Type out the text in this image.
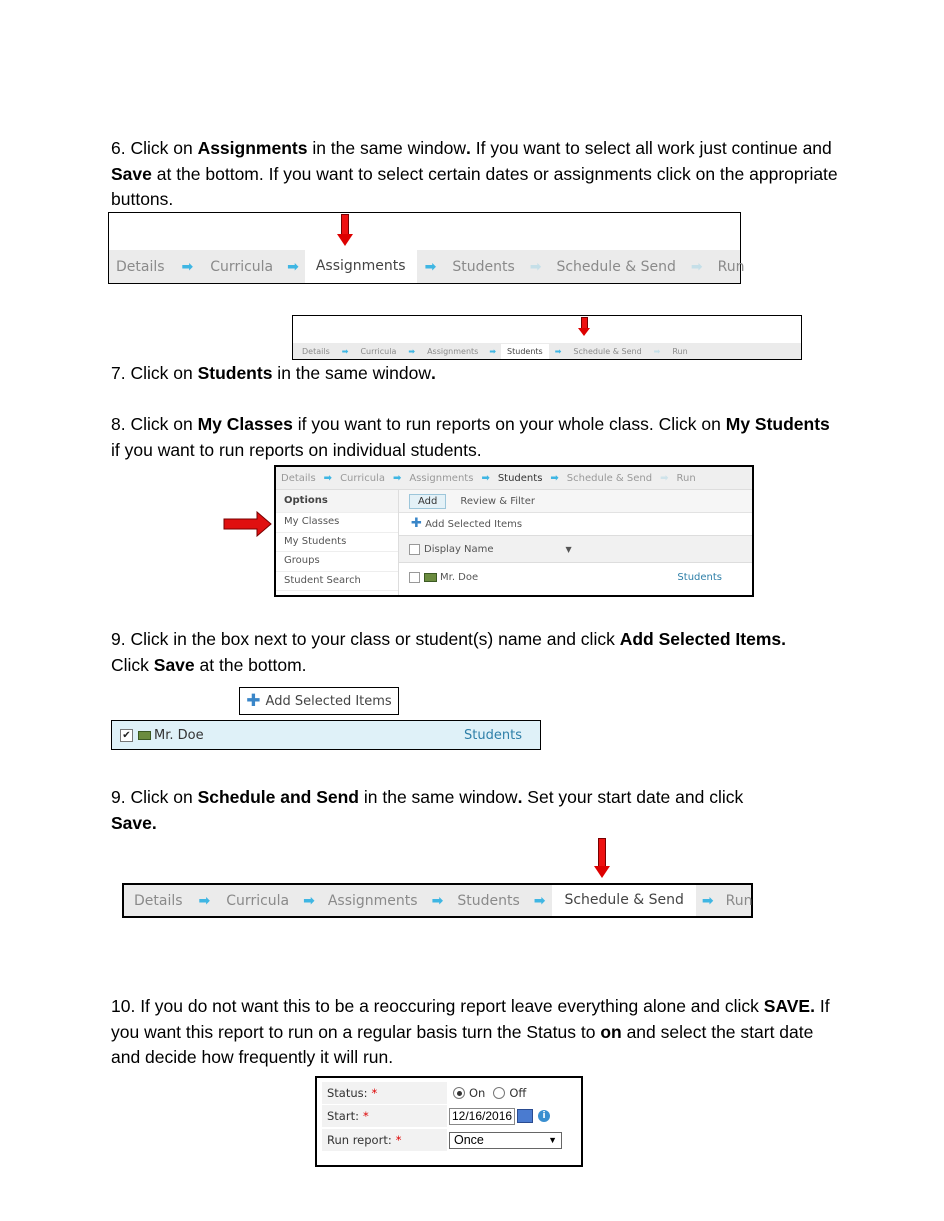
6. Click on Assignments in the same window. If you want to select all work just continue and Save at the bottom. If you want to select certain dates or assignments click on the appropriate buttons.

Details	➡	Curricula	➡	Assignments	➡	Students	➡	Schedule & Send	➡	Run
Details	➡	Curricula	➡	Assignments	➡	Students	➡	Schedule & Send	➡	Run

7. Click on Students in the same window.

8. Click on My Classes if you want to run reports on your whole class. Click on My Students if you want to run reports on individual students.

Details ➡ Curricula ➡ Assignments ➡ Students ➡ Schedule & Send ➡ Run
Options
My Classes
My Students
Groups
Student Search
Add	Review & Filter
✚ Add Selected Items
Display Name	▼
Mr. Doe	Students

9. Click in the box next to your class or student(s) name and click Add Selected Items.
Click Save at the bottom.

✚ Add Selected Items
✔ Mr. Doe	Students

9. Click on Schedule and Send in the same window. Set your start date and click
Save.

Details	➡	Curricula	➡ Assignments	➡	Students	➡	Schedule & Send	➡ Run

10. If you do not want this to be a reoccuring report leave everything alone and click SAVE. If you want this report to run on a regular basis turn the Status to on and select the start date and decide how frequently it will run.

Status: *	On Off
Start: *	12/16/2016	i
Run report: *	Once	▼
